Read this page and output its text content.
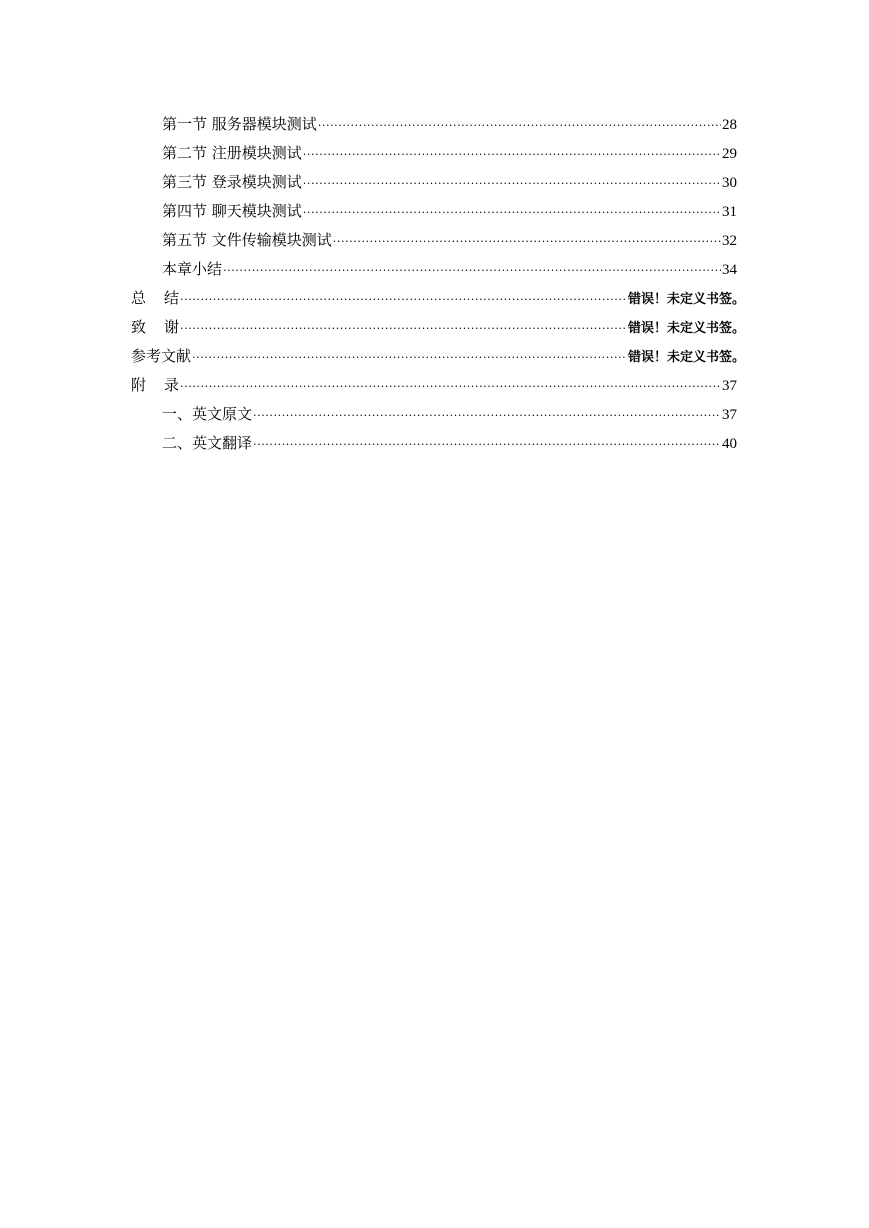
第一节 服务器模块测试 .....	28
第二节 注册模块测试 .....	29
第三节 登录模块测试 .....	30
第四节 聊天模块测试 .....	31
第五节 文件传输模块测试 .....	32
本章小结 .....	34
总 结 .....	错误！未定义书签。
致 谢 .....	错误！未定义书签。
参考文献 .....	错误！未定义书签。
附 录 .....	37
一、英文原文 .....	37
二、英文翻译 .....	40
